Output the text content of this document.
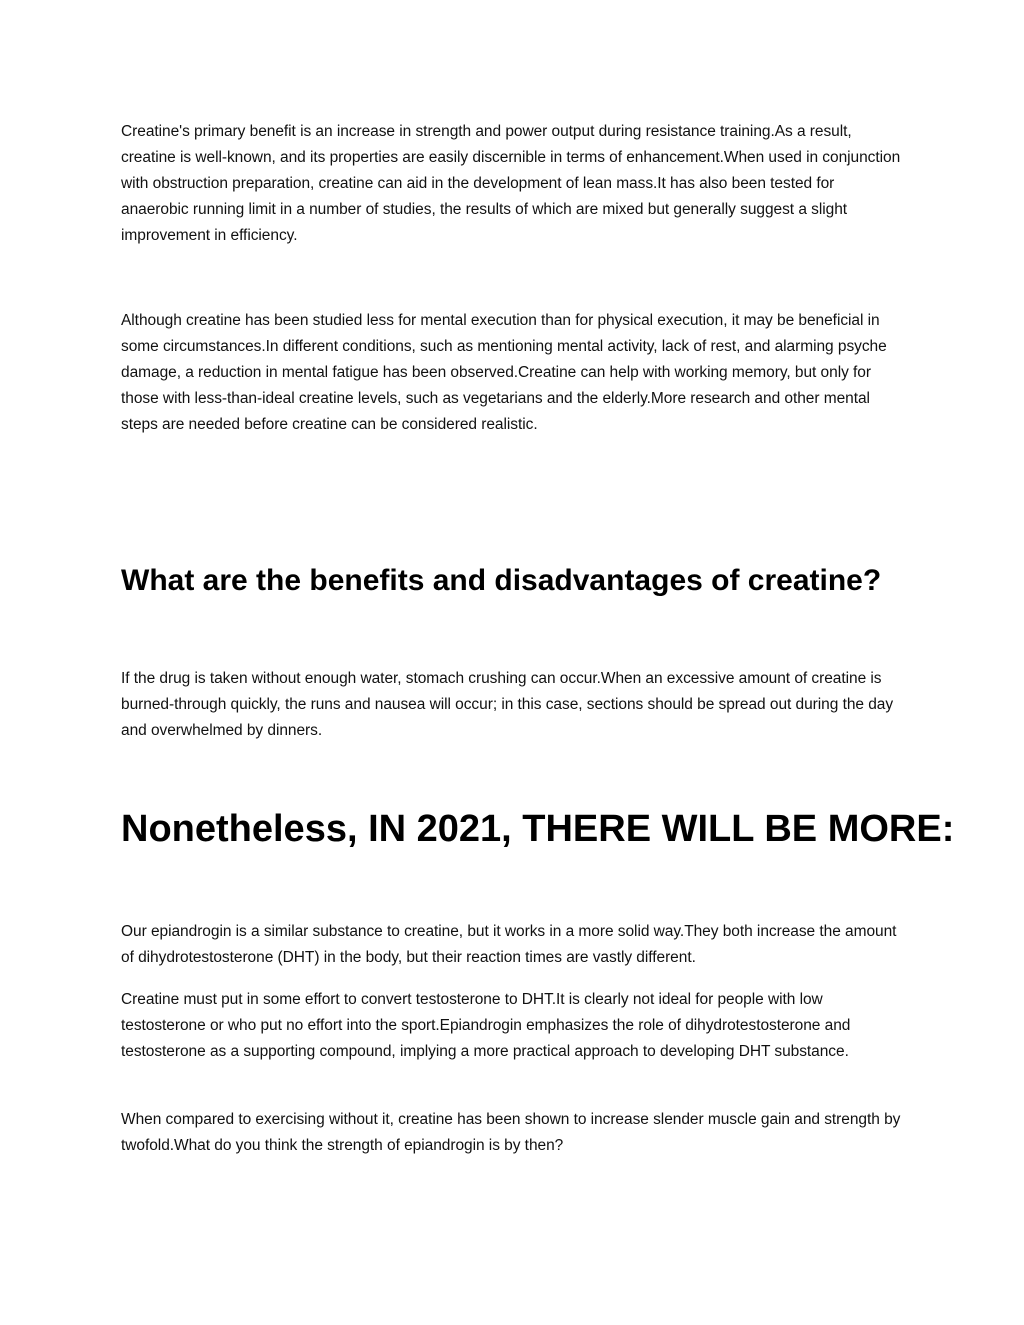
Creatine's primary benefit is an increase in strength and power output during resistance training.As a result, creatine is well-known, and its properties are easily discernible in terms of enhancement.When used in conjunction with obstruction preparation, creatine can aid in the development of lean mass.It has also been tested for anaerobic running limit in a number of studies, the results of which are mixed but generally suggest a slight improvement in efficiency.

Although creatine has been studied less for mental execution than for physical execution, it may be beneficial in some circumstances.In different conditions, such as mentioning mental activity, lack of rest, and alarming psyche damage, a reduction in mental fatigue has been observed.Creatine can help with working memory, but only for those with less-than-ideal creatine levels, such as vegetarians and the elderly.More research and other mental steps are needed before creatine can be considered realistic.

What are the benefits and disadvantages of creatine?

If the drug is taken without enough water, stomach crushing can occur.When an excessive amount of creatine is burned-through quickly, the runs and nausea will occur; in this case, sections should be spread out during the day and overwhelmed by dinners.

Nonetheless, IN 2021, THERE WILL BE MORE:

Our epiandrogin is a similar substance to creatine, but it works in a more solid way.They both increase the amount of dihydrotestosterone (DHT) in the body, but their reaction times are vastly different.

Creatine must put in some effort to convert testosterone to DHT.It is clearly not ideal for people with low testosterone or who put no effort into the sport.Epiandrogin emphasizes the role of dihydrotestosterone and testosterone as a supporting compound, implying a more practical approach to developing DHT substance.

When compared to exercising without it, creatine has been shown to increase slender muscle gain and strength by twofold.What do you think the strength of epiandrogin is by then?
